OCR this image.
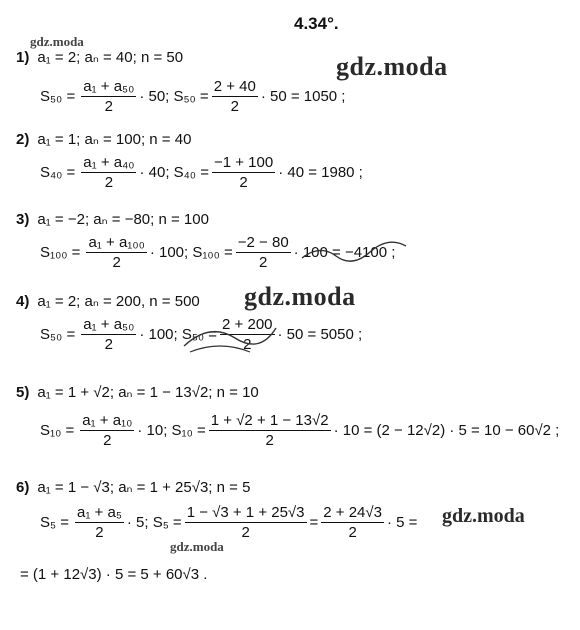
4.34°.
gdz.moda
gdz.moda
gdz.moda
gdz.moda
gdz.moda
1) a₁ = 2; aₙ = 40; n = 50
$S_{50} = \frac{\text{a₁ + a₅₀}}{2} \cdot 50$; $S_{50} = \frac{2 + 40}{2} \cdot 50 = 1050$ ;
2) a₁ = 1; aₙ = 100; n = 40
$S_{40} = \frac{\text{a₁ + a₄₀}}{2} \cdot 40$; $S_{40} = \frac{-1 + 100}{2} \cdot 40 = 1980$ ;
3) a₁ = −2; aₙ = −80; n = 100
$S_{100} = \frac{\text{a₁ + a₁₀₀}}{2} \cdot 100$; $S_{100} = \frac{-2 - 80}{2} \cdot 100 = -4100$ ;
4) a₁ = 2; aₙ = 200, n = 500
$S_{50} = \frac{\text{a₁ + a₅₀}}{2} \cdot 100$; $S_{50} = \frac{2 + 200}{2} \cdot 50 = 5050$ ;
5) a₁ = 1 + √2; aₙ = 1 − 13√2; n = 10
$S_{10} = \frac{\text{a₁ + a₁₀}}{2} \cdot 10$; $S_{10} = \frac{1 + √2 + 1 - 13√2}{2} \cdot 10 = (2 - 12√2) \cdot 5 = 10 - 60√2$ ;
6) a₁ = 1 − √3; aₙ = 1 + 25√3; n = 5
$S_5 = \frac{\text{a₁ + a₅}}{2} \cdot 5$; $S_5 = \frac{1 - √3 + 1 + 25√3}{2} = \frac{2 + 24√3}{2} \cdot 5$ =
= (1 + 12√3) · 5 = 5 + 60√3 .
